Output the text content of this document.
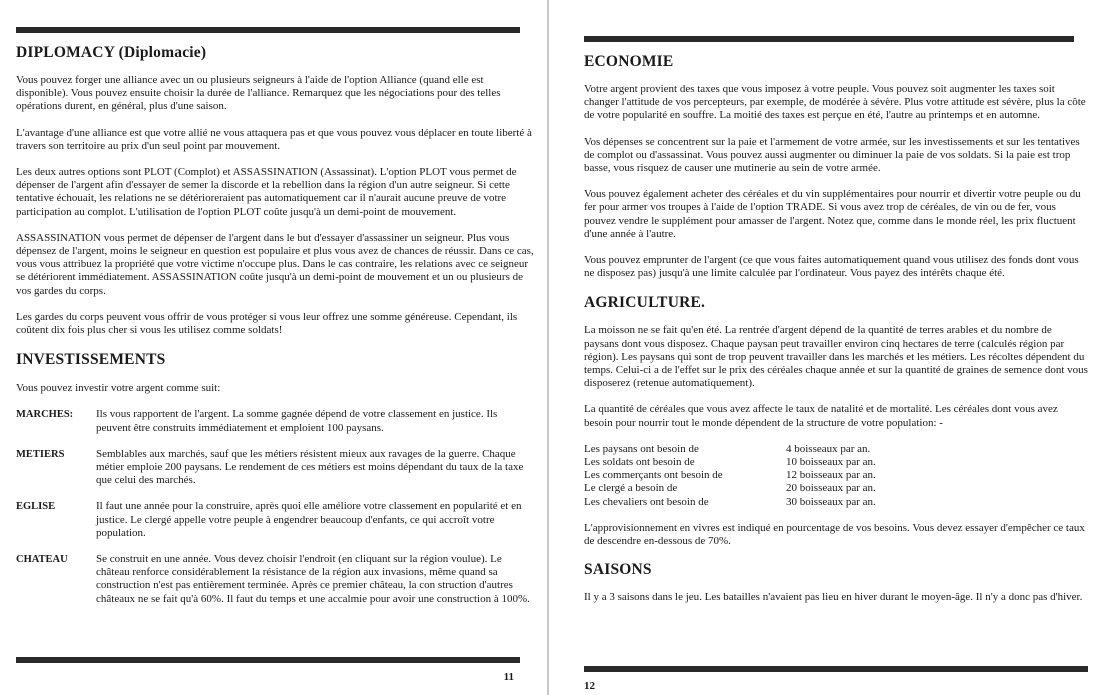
DIPLOMACY (Diplomacie)

Vous pouvez forger une alliance avec un ou plusieurs seigneurs à l'aide de l'option Alliance (quand elle est disponible). Vous pouvez ensuite choisir la durée de l'alliance. Remarquez que les négociations pour des telles opérations durent, en général, plus d'une saison.

L'avantage d'une alliance est que votre allié ne vous attaquera pas et que vous pouvez vous déplacer en toute liberté à travers son territoire au prix d'un seul point par mouvement.

Les deux autres options sont PLOT (Complot) et ASSASSINATION (Assassinat). L'option PLOT vous permet de dépenser de l'argent afin d'essayer de semer la discorde et la rebellion dans la région d'un autre seigneur. Si cette tentative échouait, les relations ne se détérioreraient pas automatiquement car il n'aurait aucune preuve de votre participation au complot. L'utilisation de l'option PLOT coûte jusqu'à un demi-point de mouvement.

ASSASSINATION vous permet de dépenser de l'argent dans le but d'essayer d'assassiner un seigneur. Plus vous dépensez de l'argent, moins le seigneur en question est populaire et plus vous avez de chances de réussir. Dans ce cas, vous vous attribuez la propriété que votre victime n'occupe plus. Dans le cas contraire, les relations avec ce seigneur se détériorent immédiatement. ASSASSINATION coûte jusqu'à un demi-point de mouvement et un ou plusieurs de vos gardes du corps.

Les gardes du corps peuvent vous offrir de vous protéger si vous leur offrez une somme généreuse. Cependant, ils coûtent dix fois plus cher si vous les utilisez comme soldats!

INVESTISSEMENTS

Vous pouvez investir votre argent comme suit:

MARCHES:	Ils vous rapportent de l'argent. La somme gagnée dépend de votre classement en justice. Ils peuvent être construits immédiatement et emploient 100 paysans.
METIERS	Semblables aux marchés, sauf que les métiers résistent mieux aux ravages de la guerre. Chaque métier emploie 200 paysans. Le rendement de ces métiers est moins dépendant du taux de la taxe que celui des marchés.
EGLISE	Il faut une année pour la construire, après quoi elle améliore votre classement en popularité et en justice. Le clergé appelle votre peuple à engendrer beaucoup d'enfants, ce qui accroît votre population.
CHATEAU	Se construit en une année. Vous devez choisir l'endroit (en cliquant sur la région voulue). Le château renforce considérablement la résistance de la région aux invasions, même quand sa construction n'est pas entièrement terminée. Après ce premier château, la con struction d'autres châteaux ne se fait qu'à 60%. Il faut du temps et une accalmie pour avoir une construction à 100%.
11
ECONOMIE

Votre argent provient des taxes que vous imposez à votre peuple. Vous pouvez soit augmenter les taxes soit changer l'attitude de vos percepteurs, par exemple, de modérée à sévère. Plus votre attitude est sévère, plus la côte de votre popularité en souffre. La moitié des taxes est perçue en été, l'autre au printemps et en automne.

Vos dépenses se concentrent sur la paie et l'armement de votre armée, sur les investissements et sur les tentatives de complot ou d'assassinat. Vous pouvez aussi augmenter ou diminuer la paie de vos soldats. Si la paie est trop basse, vous risquez de causer une mutinerie au sein de votre armée.

Vous pouvez également acheter des céréales et du vin supplémentaires pour nourrir et divertir votre peuple ou du fer pour armer vos troupes à l'aide de l'option TRADE. Si vous avez trop de céréales, de vin ou de fer, vous pouvez vendre le supplément pour amasser de l'argent. Notez que, comme dans le monde réel, les prix fluctuent d'une année à l'autre.

Vous pouvez emprunter de l'argent (ce que vous faites automatiquement quand vous utilisez des fonds dont vous ne disposez pas) jusqu'à une limite calculée par l'ordinateur. Vous payez des intérêts chaque été.

AGRICULTURE.

La moisson ne se fait qu'en été. La rentrée d'argent dépend de la quantité de terres arables et du nombre de paysans dont vous disposez. Chaque paysan peut travailler environ cinq hectares de terre (calculés région par région). Les paysans qui sont de trop peuvent travailler dans les marchés et les métiers. Les récoltes dépendent du temps. Celui-ci a de l'effet sur le prix des céréales chaque année et sur la quantité de graines de semence dont vous disposerez (retenue automatiquement).

La quantité de céréales que vous avez affecte le taux de natalité et de mortalité. Les céréales dont vous avez besoin pour nourrir tout le monde dépendent de la structure de votre population: -

Les paysans ont besoin de	4 boisseaux par an.
Les soldats ont besoin de	10 boisseaux par an.
Les commerçants ont besoin de	12 boisseaux par an.
Le clergé a besoin de	20 boisseaux par an.
Les chevaliers ont besoin de	30 boisseaux par an.

L'approvisionnement en vivres est indiqué en pourcentage de vos besoins. Vous devez essayer d'empêcher ce taux de descendre en-dessous de 70%.

SAISONS

Il y a 3 saisons dans le jeu. Les batailles n'avaient pas lieu en hiver durant le moyen-âge. Il n'y a donc pas d'hiver.

12
